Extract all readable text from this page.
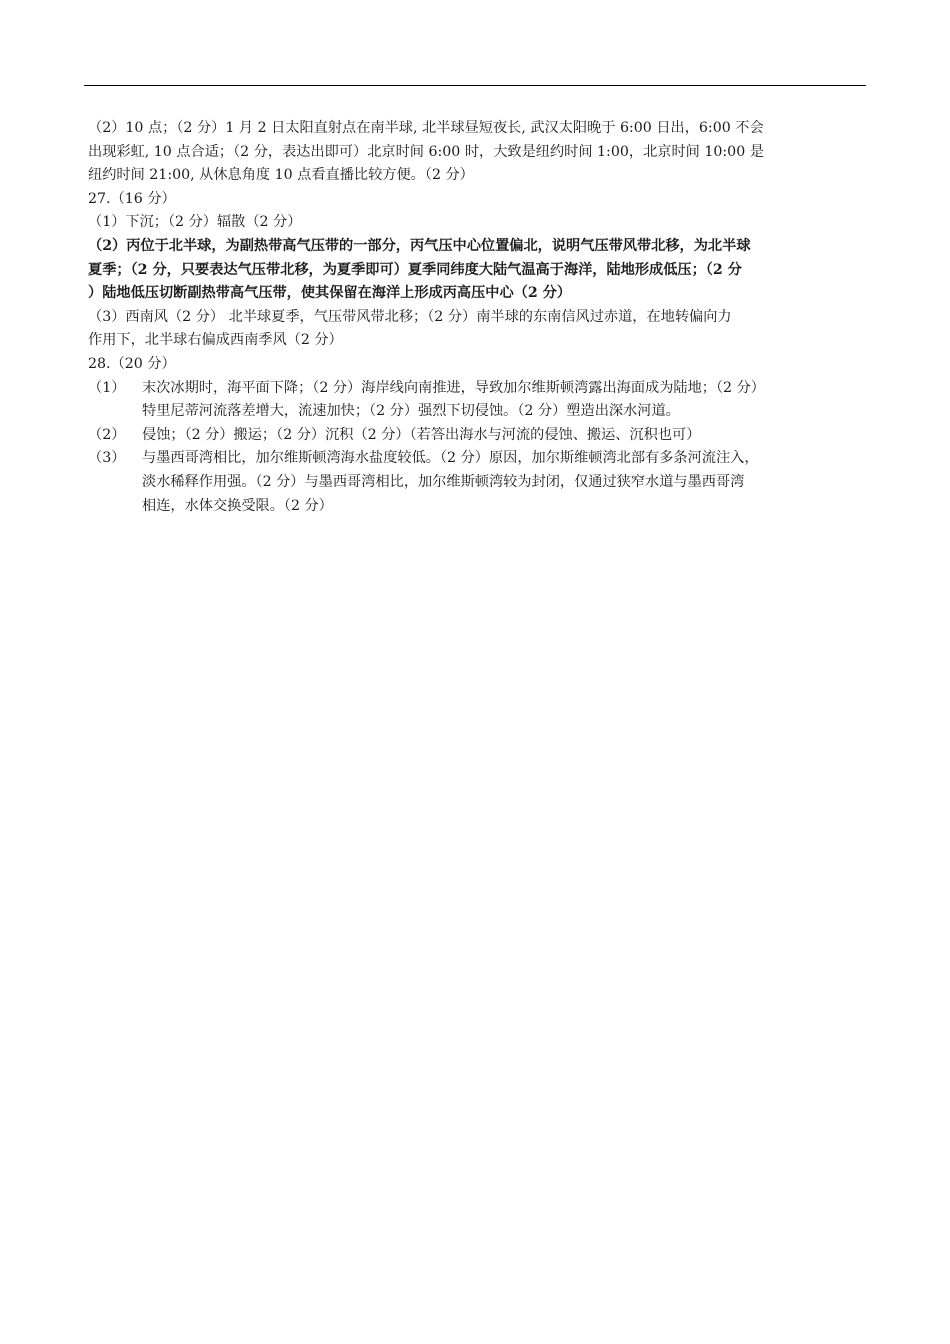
（2）10 点；（2 分）1 月 2 日太阳直射点在南半球, 北半球昼短夜长, 武汉太阳晚于 6:00 日出，6:00 不会

出现彩虹, 10 点合适；（2 分，表达出即可）北京时间 6:00 时，大致是纽约时间 1:00，北京时间 10:00 是

纽约时间 21:00, 从休息角度 10 点看直播比较方便。（2 分）

27.（16 分）

（1）下沉；（2 分）辐散（2 分）

（2）丙位于北半球，为副热带高气压带的一部分，丙气压中心位置偏北，说明气压带风带北移，为北半球

夏季；（2 分，只要表达气压带北移，为夏季即可）夏季同纬度大陆气温高于海洋，陆地形成低压；（2 分

）陆地低压切断副热带高气压带，使其保留在海洋上形成丙高压中心（2 分）

（3）西南风（2 分） 北半球夏季，气压带风带北移；（2 分）南半球的东南信风过赤道，在地转偏向力

作用下，北半球右偏成西南季风（2 分）

28.（20 分）

（1）	末次冰期时，海平面下降；（2 分）海岸线向南推进，导致加尔维斯顿湾露出海面成为陆地；（2 分）

特里尼蒂河流落差增大，流速加快；（2 分）强烈下切侵蚀。（2 分）塑造出深水河道。

（2）	侵蚀；（2 分）搬运；（2 分）沉积（2 分）（若答出海水与河流的侵蚀、搬运、沉积也可）

（3）	与墨西哥湾相比，加尔维斯顿湾海水盐度较低。（2 分）原因，加尔斯维顿湾北部有多条河流注入，

淡水稀释作用强。（2 分）与墨西哥湾相比，加尔维斯顿湾较为封闭，仅通过狭窄水道与墨西哥湾

相连，水体交换受限。（2 分）
